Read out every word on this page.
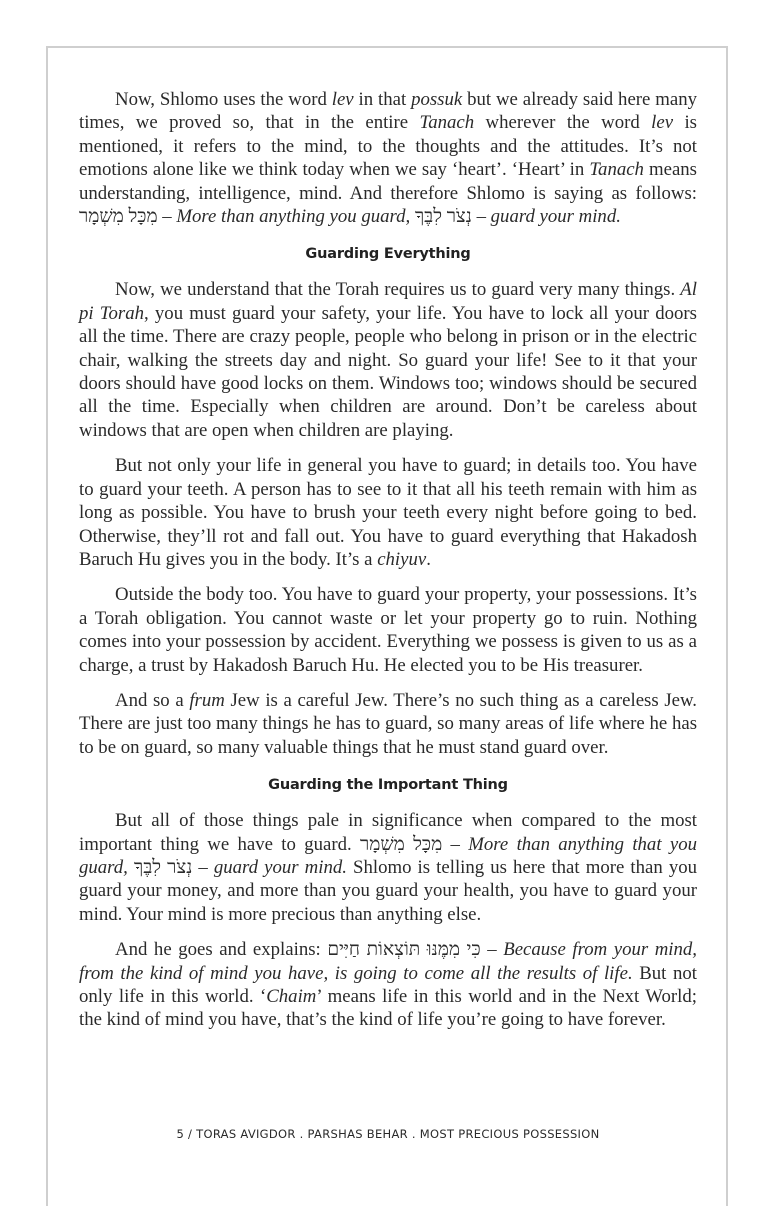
Now, Shlomo uses the word lev in that possuk but we already said here many times, we proved so, that in the entire Tanach wherever the word lev is mentioned, it refers to the mind, to the thoughts and the attitudes. It’s not emotions alone like we think today when we say ‘heart’. ‘Heart’ in Tanach means understanding, intelligence, mind. And therefore Shlomo is saying as follows: מִכָּל מִשְׁמָר – More than anything you guard, נְצֹר לִבֶּךָ – guard your mind.

Guarding Everything

Now, we understand that the Torah requires us to guard very many things. Al pi Torah, you must guard your safety, your life. You have to lock all your doors all the time. There are crazy people, people who belong in prison or in the electric chair, walking the streets day and night. So guard your life! See to it that your doors should have good locks on them. Windows too; windows should be secured all the time. Especially when children are around. Don’t be careless about windows that are open when children are playing.

But not only your life in general you have to guard; in details too. You have to guard your teeth. A person has to see to it that all his teeth remain with him as long as possible. You have to brush your teeth every night before going to bed. Otherwise, they’ll rot and fall out. You have to guard everything that Hakadosh Baruch Hu gives you in the body. It’s a chiyuv.

Outside the body too. You have to guard your property, your possessions. It’s a Torah obligation. You cannot waste or let your property go to ruin. Nothing comes into your possession by accident. Everything we possess is given to us as a charge, a trust by Hakadosh Baruch Hu. He elected you to be His treasurer.

And so a frum Jew is a careful Jew. There’s no such thing as a careless Jew. There are just too many things he has to guard, so many areas of life where he has to be on guard, so many valuable things that he must stand guard over.

Guarding the Important Thing

But all of those things pale in significance when compared to the most important thing we have to guard. מִכָּל מִשְׁמָר – More than anything that you guard, נְצֹר לִבֶּךָ – guard your mind. Shlomo is telling us here that more than you guard your money, and more than you guard your health, you have to guard your mind. Your mind is more precious than anything else.

And he goes and explains: כִּי מִמֶּנּוּ תּוֹצְאוֹת חַיִּים – Because from your mind, from the kind of mind you have, is going to come all the results of life. But not only life in this world. ‘Chaim’ means life in this world and in the Next World; the kind of mind you have, that’s the kind of life you’re going to have forever.

5 / TORAS AVIGDOR . PARSHAS BEHAR . MOST PRECIOUS POSSESSION
